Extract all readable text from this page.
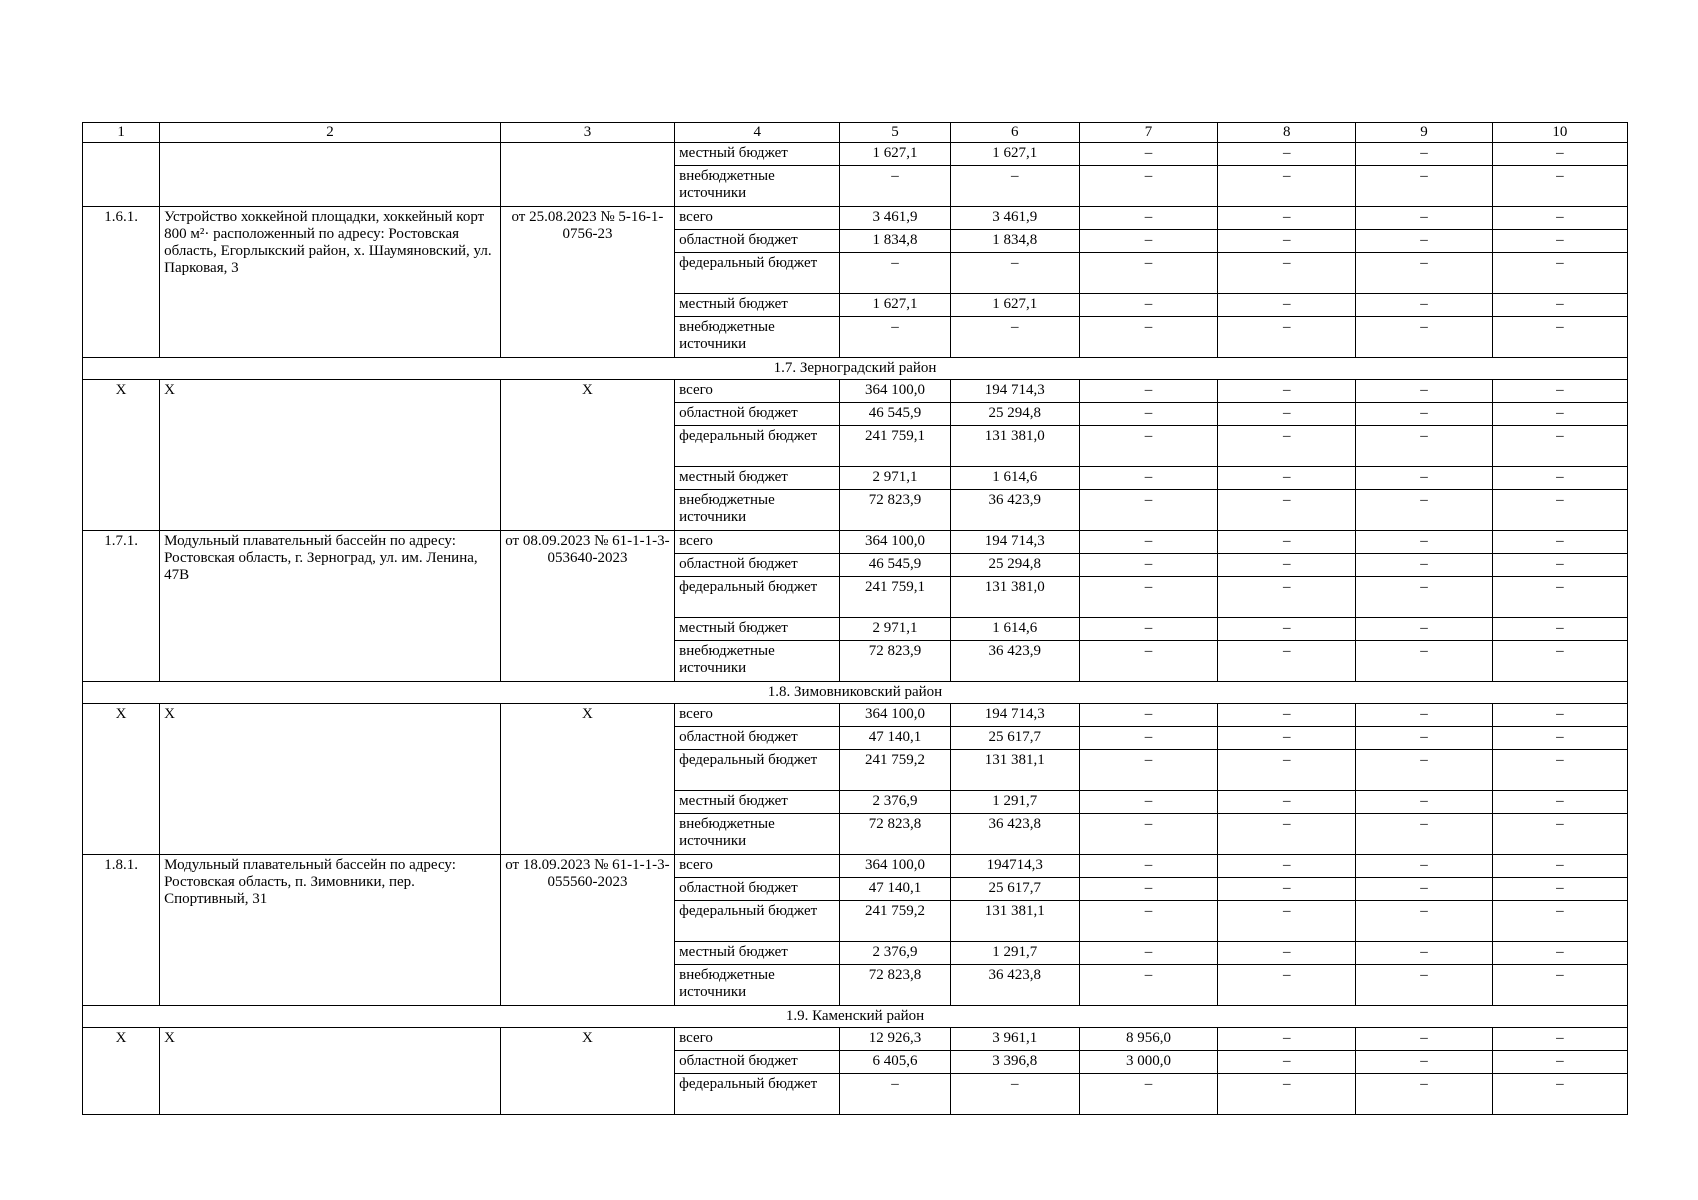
1	2	3	4	5	6	7	8	9	10
			местный бюджет	1 627,1	1 627,1	–	–	–	–
			внебюджетные источники	–	–	–	–	–	–
1.6.1.	Устройство хоккейной площадки, хоккейный корт 800 м²· расположенный по адресу: Ростовская область, Егорлыкский район, х. Шаумяновский, ул. Парковая, 3	от 25.08.2023 № 5-16-1-0756-23	всего	3 461,9	3 461,9	–	–	–	–
			областной бюджет	1 834,8	1 834,8	–	–	–	–
			федеральный бюджет	–	–	–	–	–	–
			местный бюджет	1 627,1	1 627,1	–	–	–	–
			внебюджетные источники	–	–	–	–	–	–
1.7. Зерноградский район									
X	X	X	всего	364 100,0	194 714,3	–	–	–	–
			областной бюджет	46 545,9	25 294,8	–	–	–	–
			федеральный бюджет	241 759,1	131 381,0	–	–	–	–
			местный бюджет	2 971,1	1 614,6	–	–	–	–
			внебюджетные источники	72 823,9	36 423,9	–	–	–	–
1.7.1.	Модульный плавательный бассейн по адресу: Ростовская область, г. Зерноград, ул. им. Ленина, 47В	от 08.09.2023 № 61-1-1-3-053640-2023	всего	364 100,0	194 714,3	–	–	–	–
			областной бюджет	46 545,9	25 294,8	–	–	–	–
			федеральный бюджет	241 759,1	131 381,0	–	–	–	–
			местный бюджет	2 971,1	1 614,6	–	–	–	–
			внебюджетные источники	72 823,9	36 423,9	–	–	–	–
1.8. Зимовниковский район									
X	X	X	всего	364 100,0	194 714,3	–	–	–	–
			областной бюджет	47 140,1	25 617,7	–	–	–	–
			федеральный бюджет	241 759,2	131 381,1	–	–	–	–
			местный бюджет	2 376,9	1 291,7	–	–	–	–
			внебюджетные источники	72 823,8	36 423,8	–	–	–	–
1.8.1.	Модульный плавательный бассейн по адресу: Ростовская область, п. Зимовники, пер. Спортивный, 31	от 18.09.2023 № 61-1-1-3-055560-2023	всего	364 100,0	194714,3	–	–	–	–
			областной бюджет	47 140,1	25 617,7	–	–	–	–
			федеральный бюджет	241 759,2	131 381,1	–	–	–	–
			местный бюджет	2 376,9	1 291,7	–	–	–	–
			внебюджетные источники	72 823,8	36 423,8	–	–	–	–
1.9. Каменский район									
X	X	X	всего	12 926,3	3 961,1	8 956,0	–	–	–
			областной бюджет	6 405,6	3 396,8	3 000,0	–	–	–
			федеральный бюджет	–	–	–	–	–	–
